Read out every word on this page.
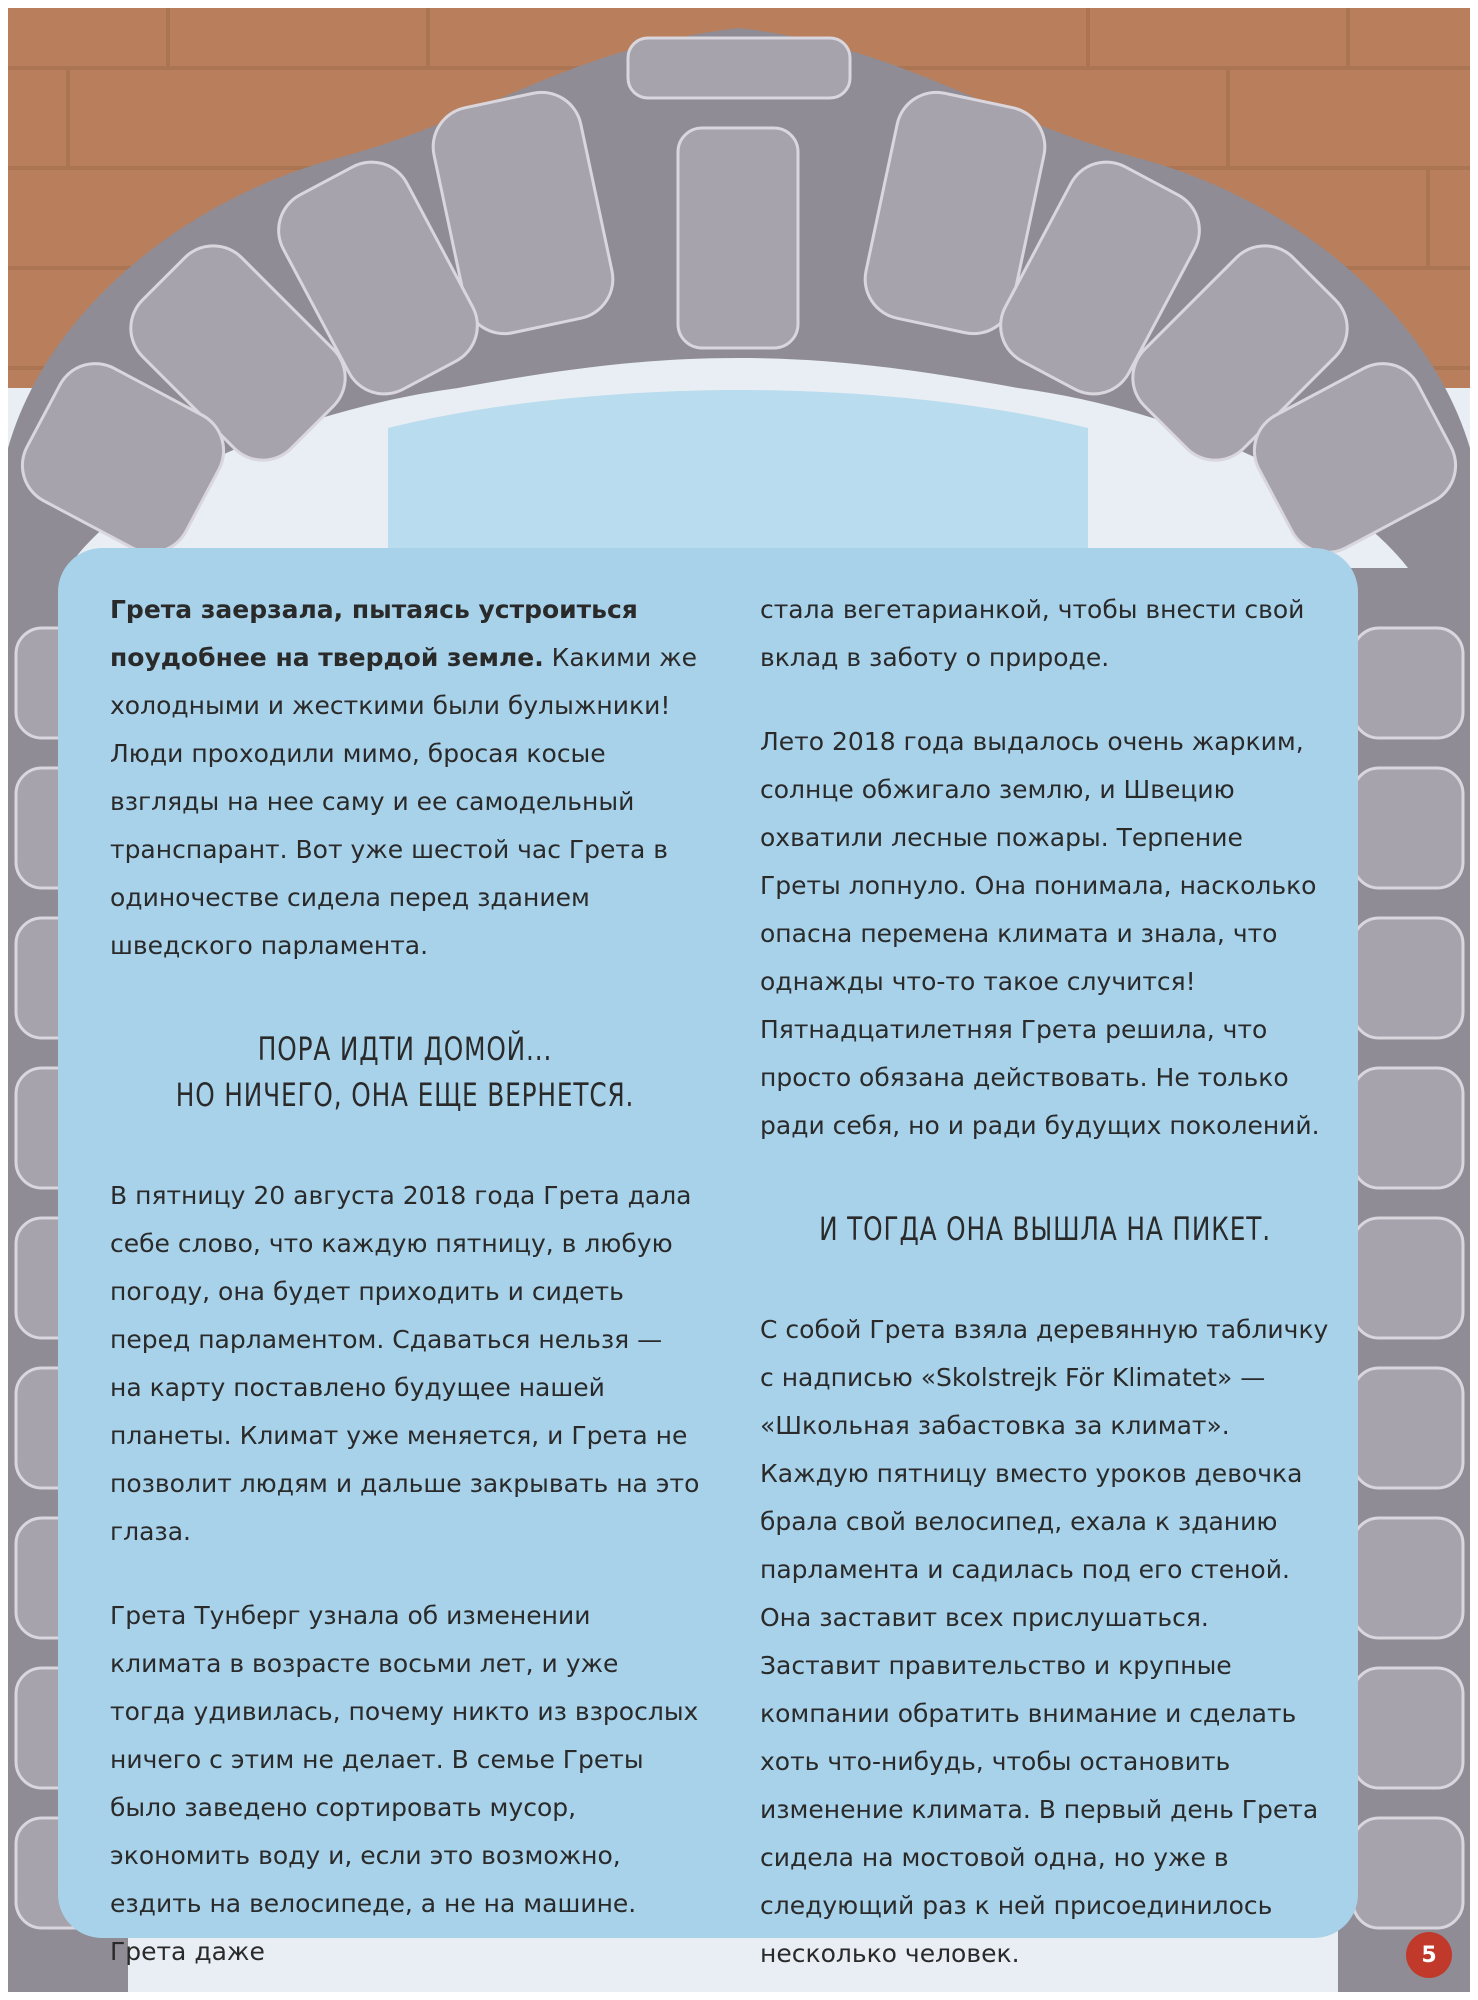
Грета заерзала, пытаясь устроиться поудобнее на твердой земле. Какими же холодными и жесткими были булыжники! Люди проходили мимо, бросая косые взгляды на нее саму и ее самодельный транспарант. Вот уже шестой час Грета в одиночестве сидела перед зданием шведского парламента.

ПОРА ИДТИ ДОМОЙ...
НО НИЧЕГО, ОНА ЕЩЕ ВЕРНЕТСЯ.

В пятницу 20 августа 2018 года Грета дала себе слово, что каждую пятницу, в любую погоду, она будет приходить и сидеть перед парламентом. Сдаваться нельзя — на карту поставлено будущее нашей планеты. Климат уже меняется, и Грета не позволит людям и дальше закрывать на это глаза.

Грета Тунберг узнала об изменении климата в возрасте восьми лет, и уже тогда удивилась, почему никто из взрослых ничего с этим не делает. В семье Греты было заведено сортировать мусор, экономить воду и, если это возможно, ездить на велосипеде, а не на машине. Грета даже

стала вегетарианкой, чтобы внести свой вклад в заботу о природе.

Лето 2018 года выдалось очень жарким, солнце обжигало землю, и Швецию охватили лесные пожары. Терпение Греты лопнуло. Она понимала, насколько опасна перемена климата и знала, что однажды что-то такое случится! Пятнадцатилетняя Грета решила, что просто обязана действовать. Не только ради себя, но и ради будущих поколений.

И ТОГДА ОНА ВЫШЛА НА ПИКЕТ.

С собой Грета взяла деревянную табличку с надписью «Skolstrejk För Klimatet» — «Школьная забастовка за климат». Каждую пятницу вместо уроков девочка брала свой велосипед, ехала к зданию парламента и садилась под его стеной. Она заставит всех прислушаться. Заставит правительство и крупные компании обратить внимание и сделать хоть что-нибудь, чтобы остановить изменение климата. В первый день Грета сидела на мостовой одна, но уже в следующий раз к ней присоединилось несколько человек.	5
